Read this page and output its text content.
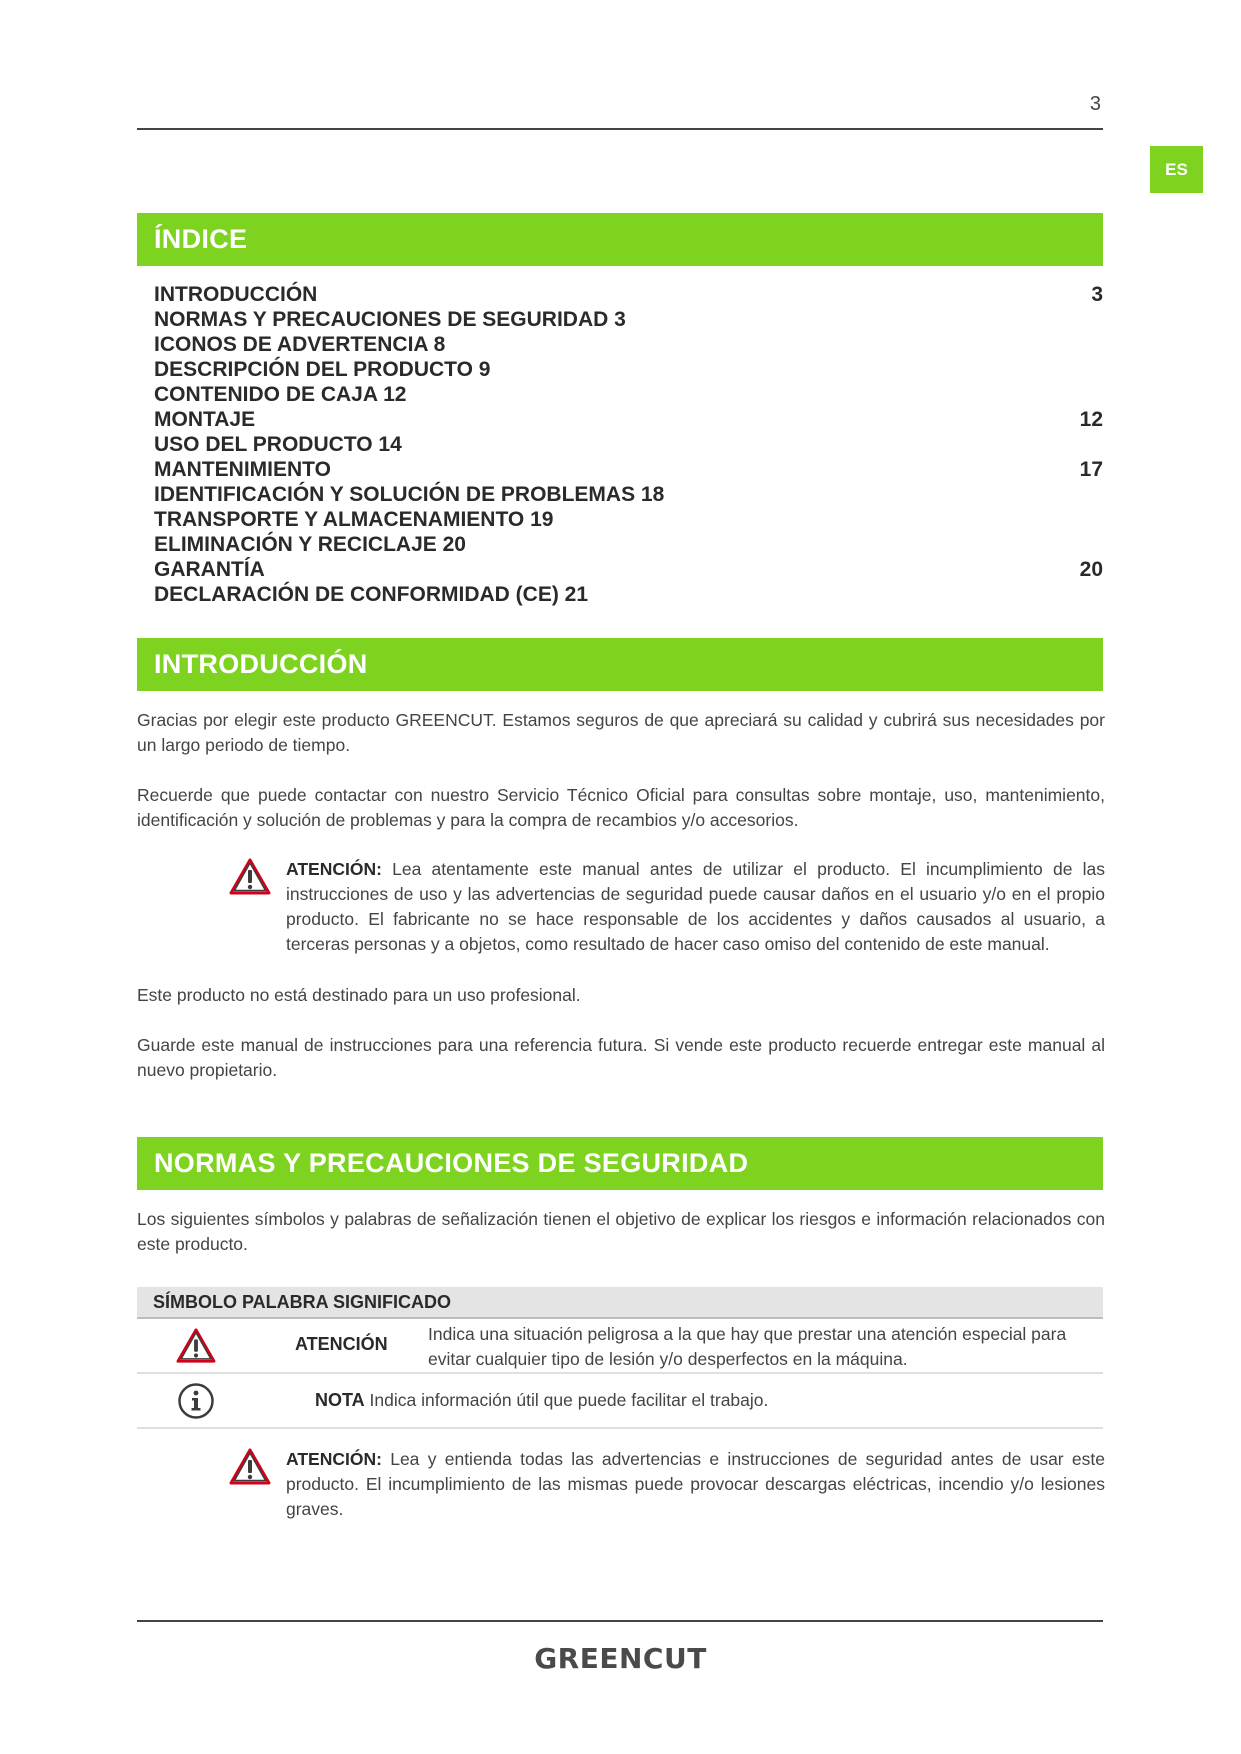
3
ES
ÍNDICE
INTRODUCCIÓN	3
NORMAS Y PRECAUCIONES DE SEGURIDAD 3
ICONOS DE ADVERTENCIA 8
DESCRIPCIÓN DEL PRODUCTO 9
CONTENIDO DE CAJA 12
MONTAJE	12
USO DEL PRODUCTO 14
MANTENIMIENTO	17
IDENTIFICACIÓN Y SOLUCIÓN DE PROBLEMAS 18
TRANSPORTE Y ALMACENAMIENTO 19
ELIMINACIÓN Y RECICLAJE 20
GARANTÍA	20
DECLARACIÓN DE CONFORMIDAD (CE) 21
INTRODUCCIÓN

Gracias por elegir este producto GREENCUT. Estamos seguros de que apreciará su calidad y cubrirá sus necesidades por un largo periodo de tiempo.

Recuerde que puede contactar con nuestro Servicio Técnico Oficial para consultas sobre montaje, uso, mantenimiento, identificación y solución de problemas y para la compra de recambios y/o accesorios.

ATENCIÓN: Lea atentamente este manual antes de utilizar el producto. El incumplimiento de las instrucciones de uso y las advertencias de seguridad puede causar daños en el usuario y/o en el propio producto. El fabricante no se hace responsable de los accidentes y daños causados al usuario, a terceras personas y a objetos, como resultado de hacer caso omiso del contenido de este manual.

Este producto no está destinado para un uso profesional.

Guarde este manual de instrucciones para una referencia futura. Si vende este producto recuerde entregar este manual al nuevo propietario.

NORMAS Y PRECAUCIONES DE SEGURIDAD

Los siguientes símbolos y palabras de señalización tienen el objetivo de explicar los riesgos e información relacionados con este producto.

SÍMBOLO PALABRA SIGNIFICADO
ATENCIÓN Indica una situación peligrosa a la que hay que prestar una atención especial para evitar cualquier tipo de lesión y/o desperfectos en la máquina.
NOTA Indica información útil que puede facilitar el trabajo.

ATENCIÓN: Lea y entienda todas las advertencias e instrucciones de seguridad antes de usar este producto. El incumplimiento de las mismas puede provocar descargas eléctricas, incendio y/o lesiones graves.

GREENCUT
